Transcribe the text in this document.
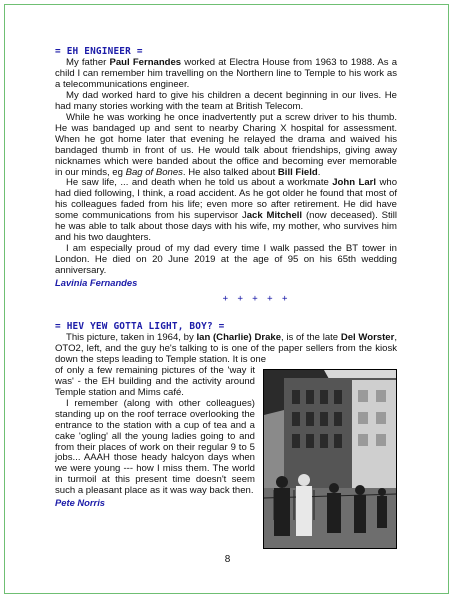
= EH ENGINEER =

My father Paul Fernandes worked at Electra House from 1963 to 1988. As a child I can remember him travelling on the Northern line to Temple to his work as a telecommunications engineer.

My dad worked hard to give his children a decent beginning in our lives. He had many stories working with the team at British Telecom.

While he was working he once inadvertently put a screw driver to his thumb. He was bandaged up and sent to nearby Charing X hospital for assessment. When he got home later that evening he relayed the drama and waived his bandaged thumb in front of us. He would talk about friendships, giving away nicknames which were banded about the office and becoming ever memorable in our minds, eg Bag of Bones. He also talked about Bill Field.

He saw life, ... and death when he told us about a workmate John Larl who had died following, I think, a road accident. As he got older he found that most of his colleagues faded from his life; even more so after retirement. He did have some communications from his supervisor Jack Mitchell (now deceased). Still he was able to talk about those days with his wife, my mother, who survives him and his two daughters.

I am especially proud of my dad every time I walk passed the BT tower in London. He died on 20 June 2019 at the age of 95 on his 65th wedding anniversary.

Lavinia Fernandes
+ + + + +
= HEV YEW GOTTA LIGHT, BOY? =

This picture, taken in 1964, by Ian (Charlie) Drake, is of the late Del Worster, OTO2, left, and the guy he's talking to is one of the paper sellers from the kiosk down the steps leading to Temple station. It is one

of only a few remaining pictures of the 'way it was' - the EH building and the activity around Temple station and Mims café.

I remember (along with other colleagues) standing up on the roof terrace overlooking the entrance to the station with a cup of tea and a cake 'ogling' all the young ladies going to and from their places of work on their regular 9 to 5 jobs... AAAH those heady halcyon days when we were young --- how I miss them. The world in turmoil at this present time doesn't seem such a pleasant place as it was way back then.

Pete Norris
8
